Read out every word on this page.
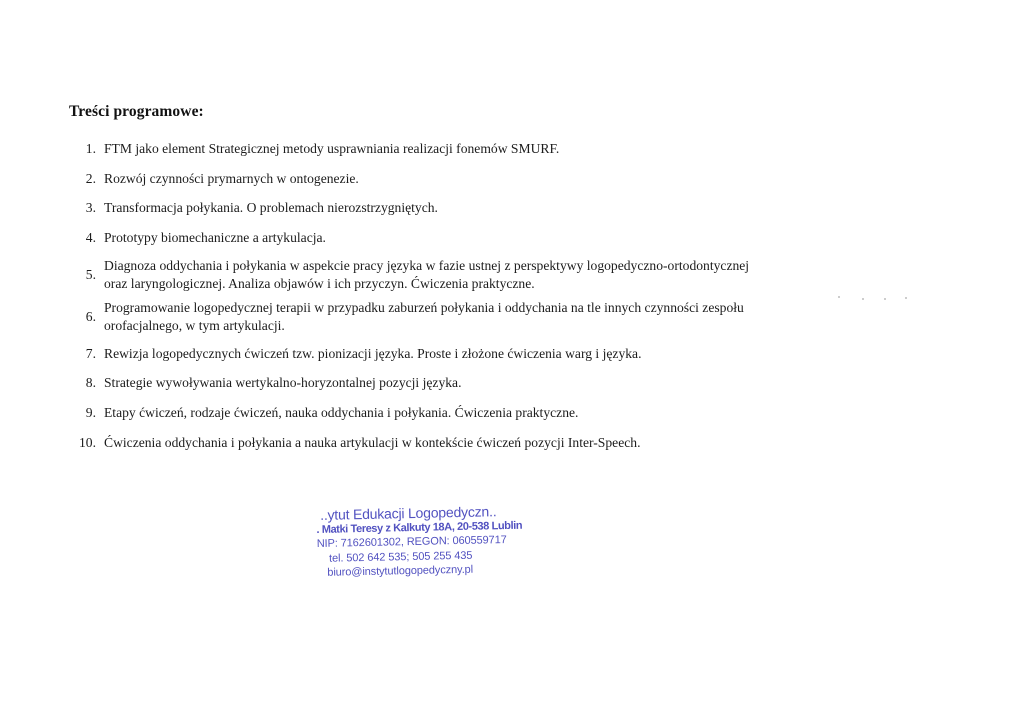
Treści programowe:
1. FTM jako element Strategicznej metody usprawniania realizacji fonemów SMURF.
2. Rozwój czynności prymarnych w ontogenezie.
3. Transformacja połykania. O problemach nierozstrzygniętych.
4. Prototypy biomechaniczne a artykulacja.
5.
Diagnoza oddychania i połykania w aspekcie pracy języka w fazie ustnej z perspektywy logopedyczno-ortodontycznej
oraz laryngologicznej. Analiza objawów i ich przyczyn. Ćwiczenia praktyczne.
6.
Programowanie logopedycznej terapii w przypadku zaburzeń połykania i oddychania na tle innych czynności zespołu
orofacjalnego, w tym artykulacji.
7. Rewizja logopedycznych ćwiczeń tzw. pionizacji języka. Proste i złożone ćwiczenia warg i języka.
8. Strategie wywoływania wertykalno-horyzontalnej pozycji języka.
9. Etapy ćwiczeń, rodzaje ćwiczeń, nauka oddychania i połykania. Ćwiczenia praktyczne.
10. Ćwiczenia oddychania i połykania a nauka artykulacji w kontekście ćwiczeń pozycji Inter-Speech.
..ytut Edukacji Logopedyczn..
. Matki Teresy z Kalkuty 18A, 20-538 Lublin
NIP: 7162601302, REGON: 060559717
tel. 502 642 535; 505 255 435
biuro@instytutlogopedyczny.pl
